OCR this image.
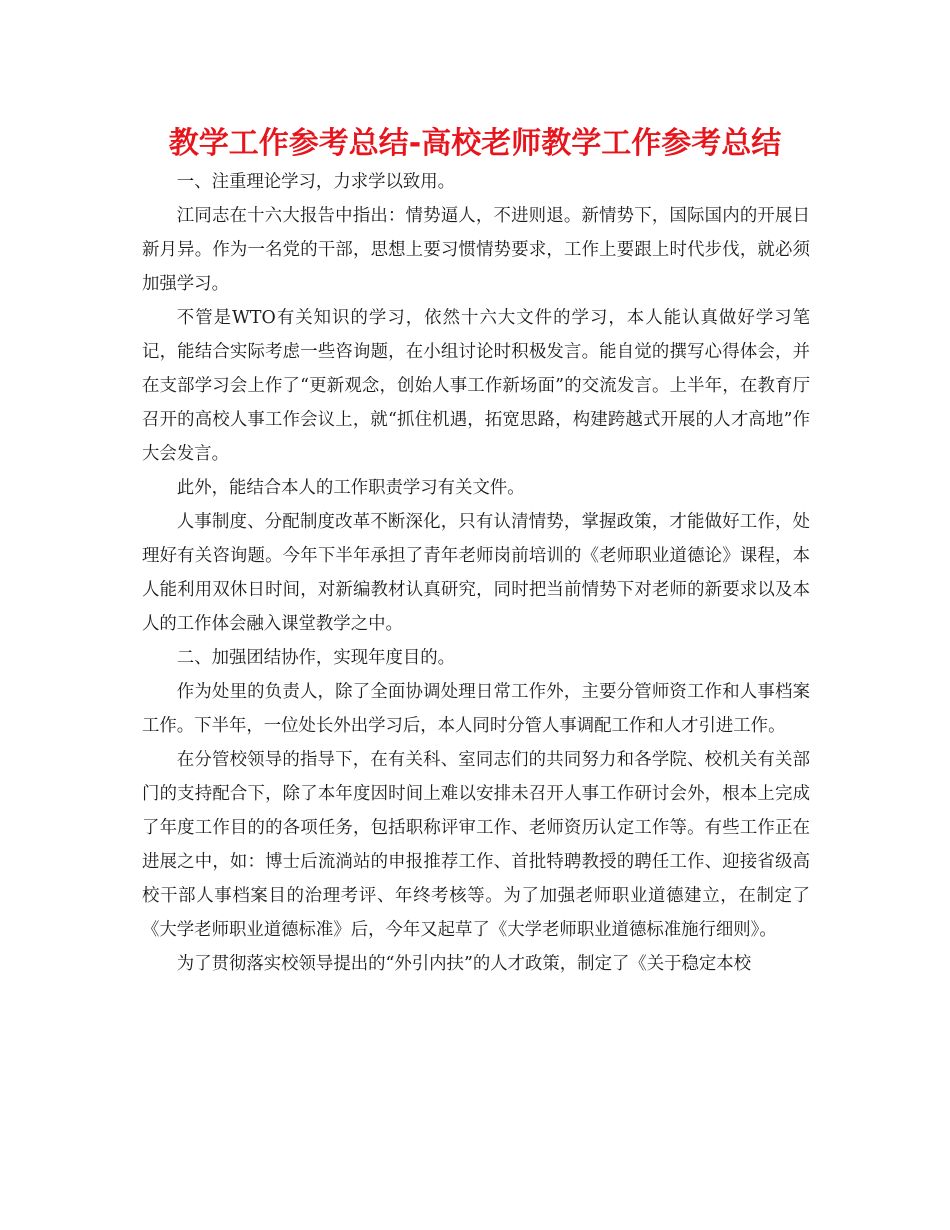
教学工作参考总结-高校老师教学工作参考总结

一、注重理论学习，力求学以致用。

江同志在十六大报告中指出：情势逼人，不进则退。新情势下，国际国内的开展日新月异。作为一名党的干部，思想上要习惯情势要求，工作上要跟上时代步伐，就必须加强学习。

不管是WTO有关知识的学习，依然十六大文件的学习，本人能认真做好学习笔记，能结合实际考虑一些咨询题，在小组讨论时积极发言。能自觉的撰写心得体会，并在支部学习会上作了“更新观念，创始人事工作新场面”的交流发言。上半年，在教育厅召开的高校人事工作会议上，就“抓住机遇，拓宽思路，构建跨越式开展的人才高地”作大会发言。

此外，能结合本人的工作职责学习有关文件。

人事制度、分配制度改革不断深化，只有认清情势，掌握政策，才能做好工作，处理好有关咨询题。今年下半年承担了青年老师岗前培训的《老师职业道德论》课程，本人能利用双休日时间，对新编教材认真研究，同时把当前情势下对老师的新要求以及本人的工作体会融入课堂教学之中。

二、加强团结协作，实现年度目的。

作为处里的负责人，除了全面协调处理日常工作外，主要分管师资工作和人事档案工作。下半年，一位处长外出学习后，本人同时分管人事调配工作和人才引进工作。

在分管校领导的指导下，在有关科、室同志们的共同努力和各学院、校机关有关部门的支持配合下，除了本年度因时间上难以安排未召开人事工作研讨会外，根本上完成了年度工作目的的各项任务，包括职称评审工作、老师资历认定工作等。有些工作正在进展之中，如：博士后流淌站的申报推荐工作、首批特聘教授的聘任工作、迎接省级高校干部人事档案目的治理考评、年终考核等。为了加强老师职业道德建立，在制定了《大学老师职业道德标准》后，今年又起草了《大学老师职业道德标准施行细则》。

为了贯彻落实校领导提出的“外引内扶”的人才政策，制定了《关于稳定本校
